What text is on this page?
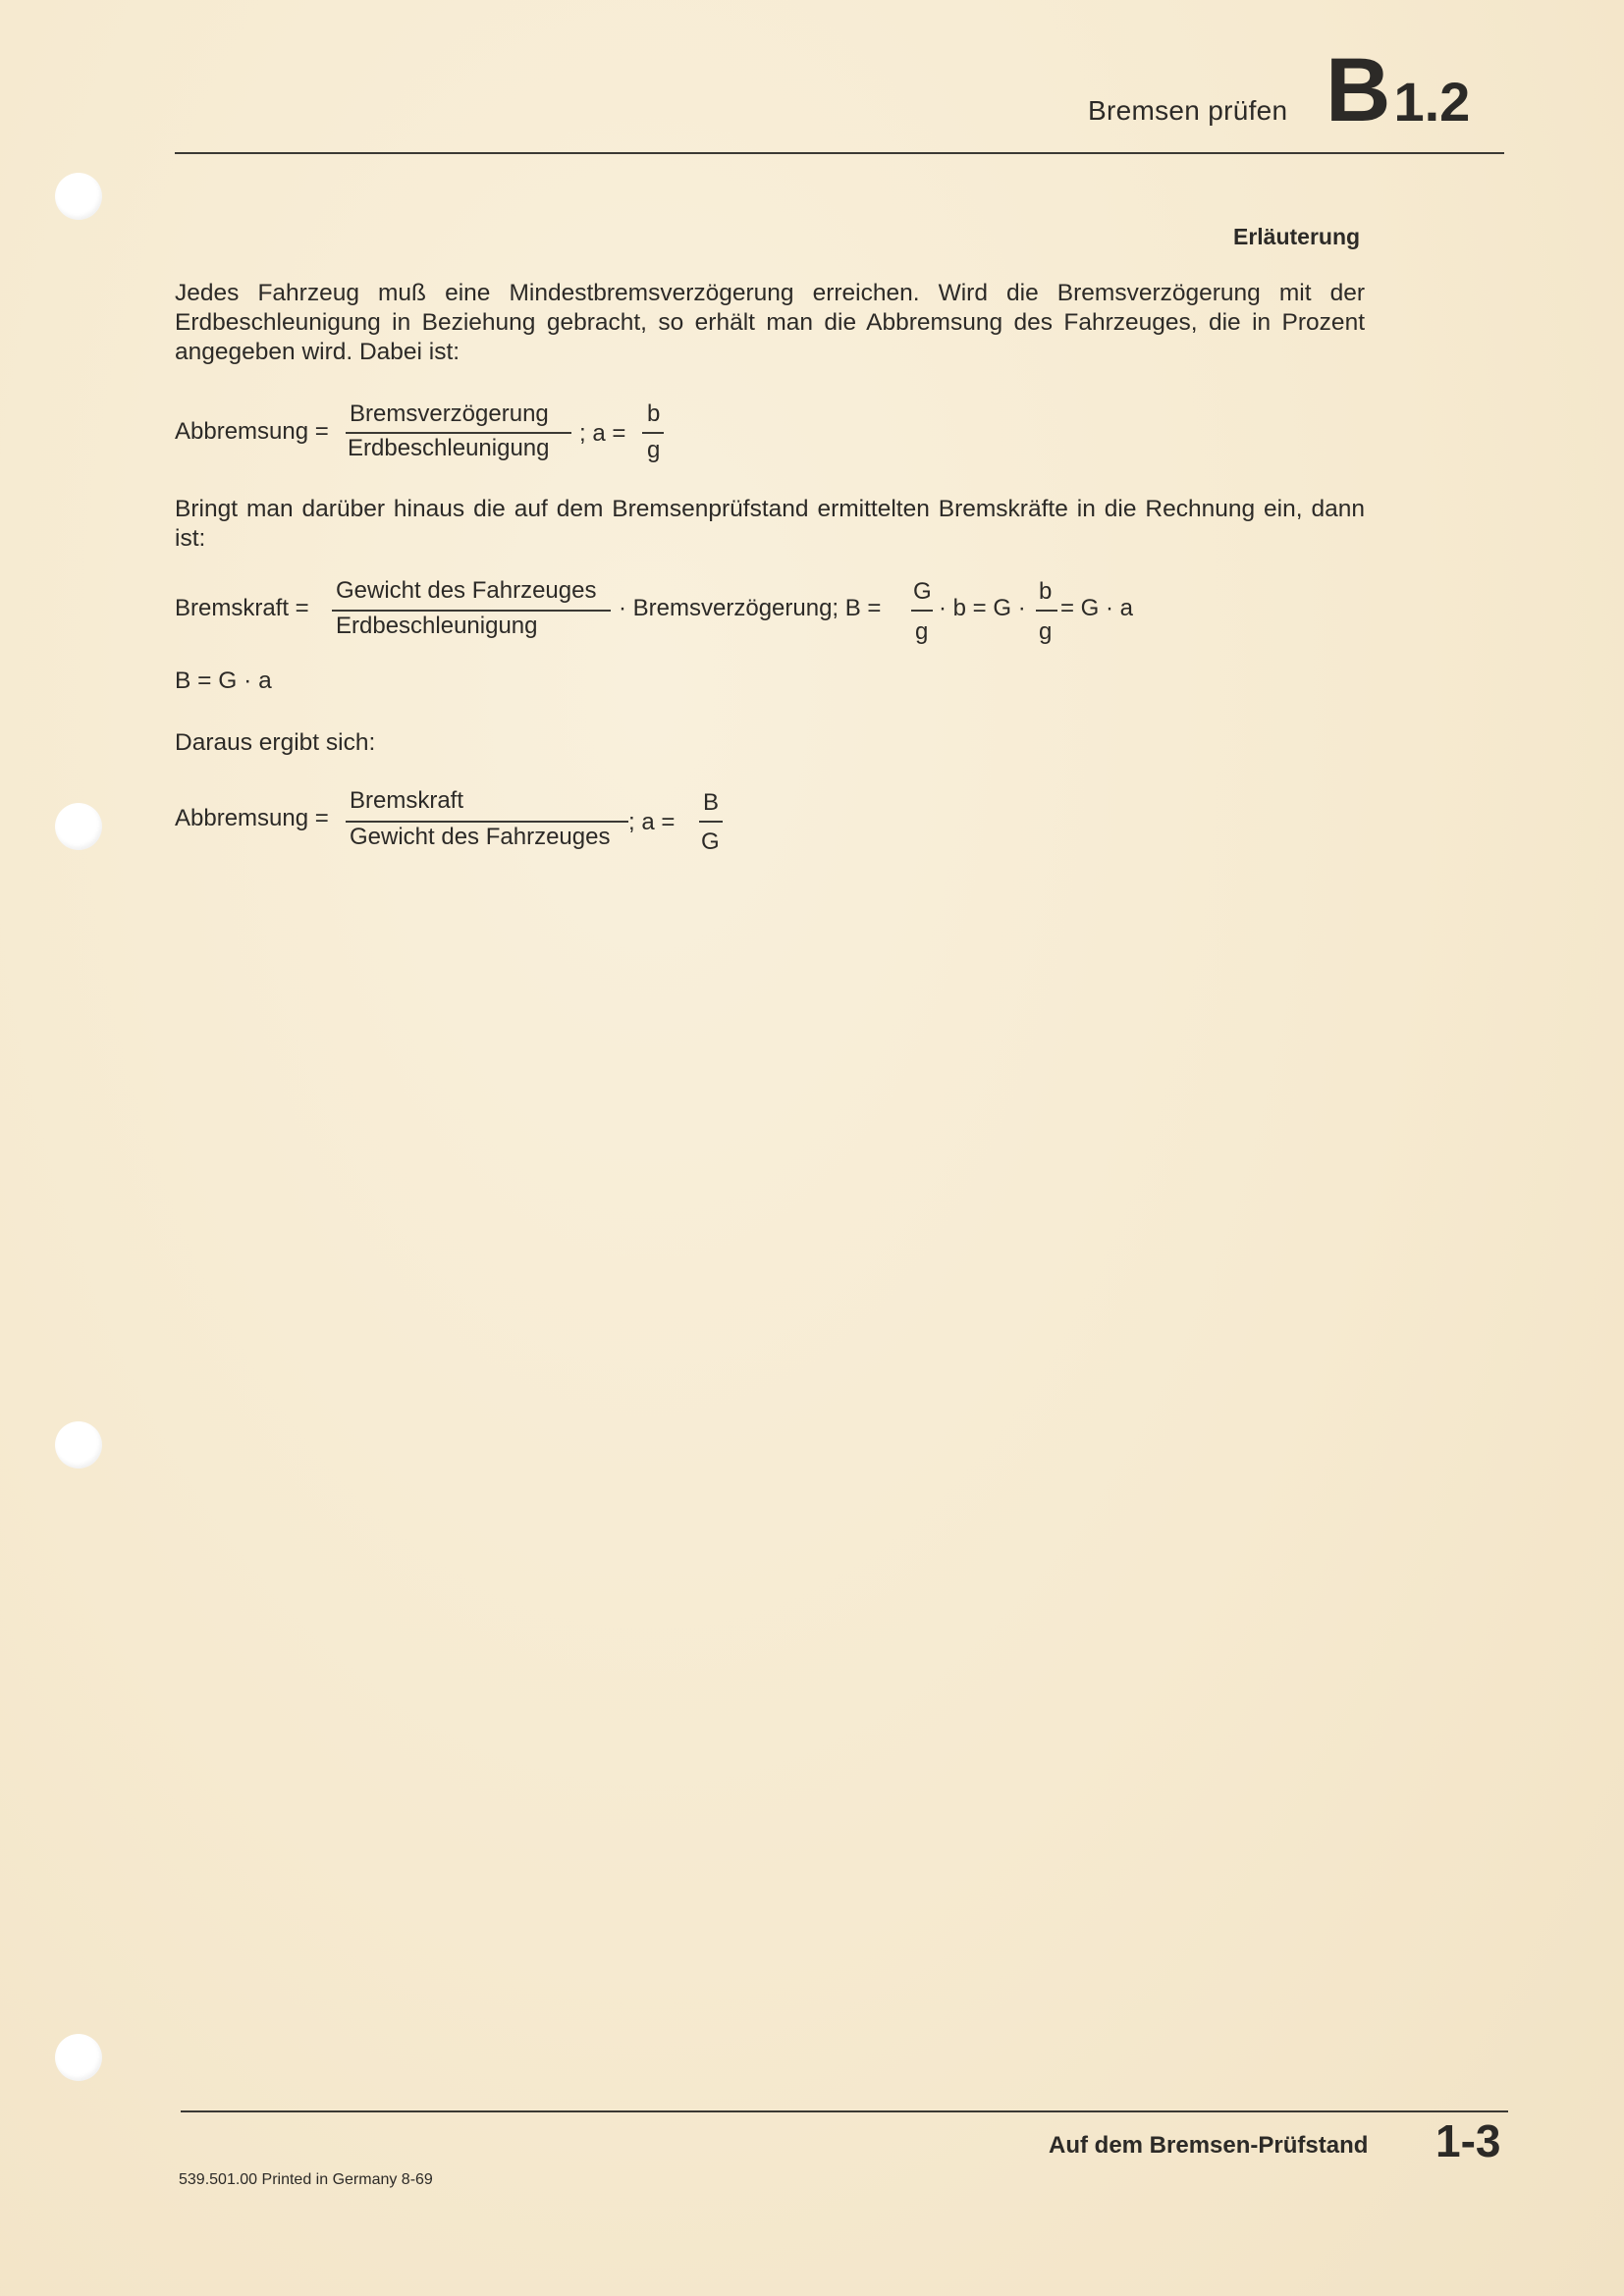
Bremsen prüfen B1.2
Erläuterung
Jedes Fahrzeug muß eine Mindestbremsverzögerung erreichen. Wird die Bremsverzögerung mit der Erdbeschleunigung in Beziehung gebracht, so erhält man die Abbremsung des Fahrzeuges, die in Prozent angegeben wird. Dabei ist:
Abbremsung =
Bremsverzögerung
Erdbeschleunigung
; a =
b
g
Bringt man darüber hinaus die auf dem Bremsenprüfstand ermittelten Bremskräfte in die Rechnung ein, dann ist:
Bremskraft =
Gewicht des Fahrzeuges
Erdbeschleunigung
· Bremsverzögerung; B =
G
g
· b = G ·
b
g
= G · a
B = G · a
Daraus ergibt sich:
Abbremsung =
Bremskraft
Gewicht des Fahrzeuges
; a =
B
G
Auf dem Bremsen-Prüfstand 1-3
539.501.00 Printed in Germany 8-69
